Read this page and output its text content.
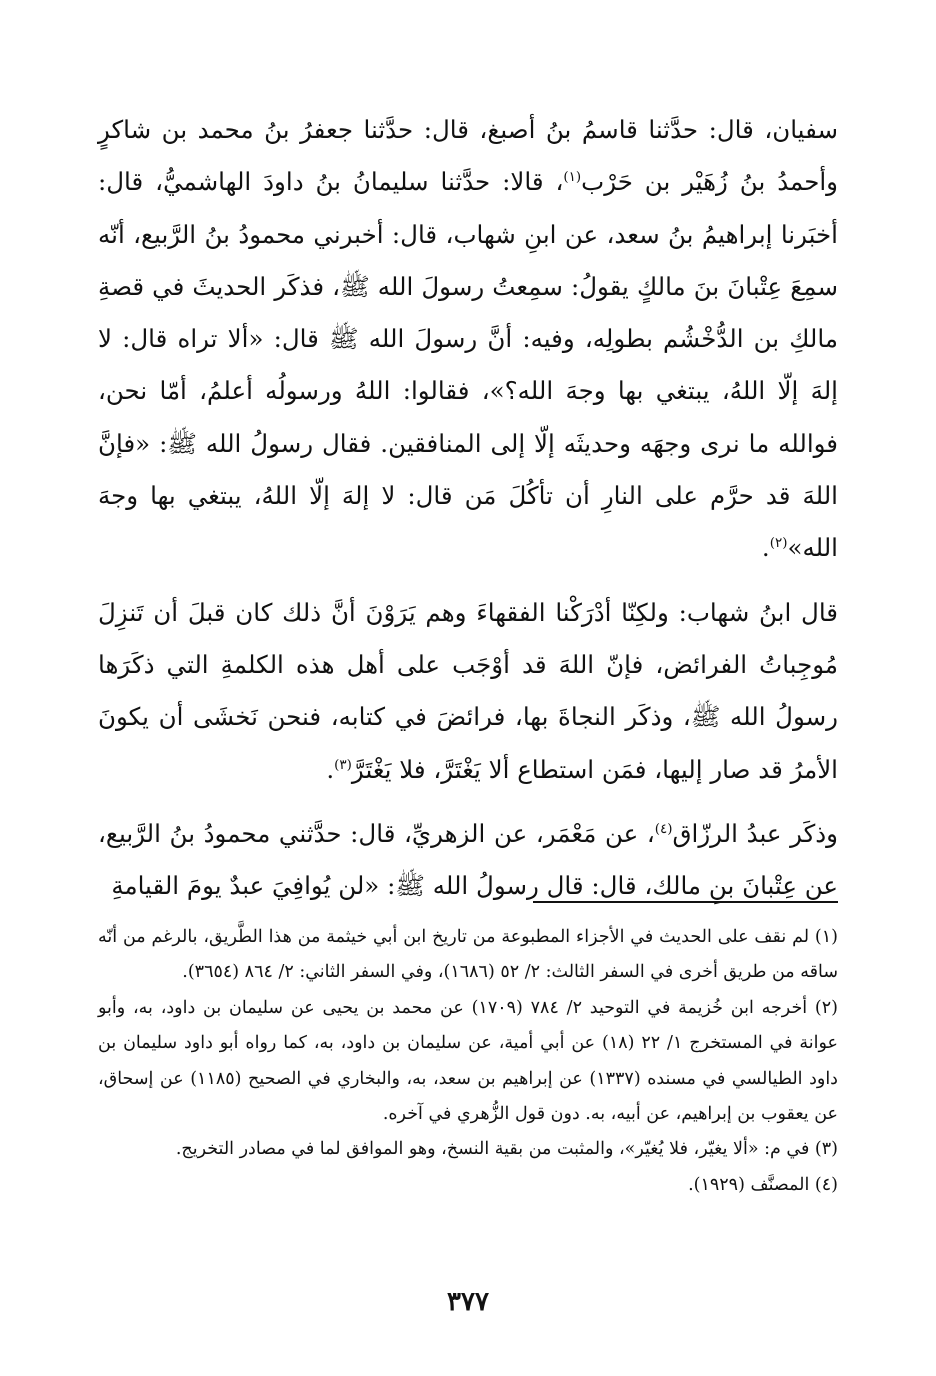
سفيان، قال: حدَّثنا قاسمُ بنُ أصبغ، قال: حدَّثنا جعفرُ بنُ محمد بن شاكرٍ وأحمدُ بنُ زُهَيْر بن حَرْب$^{(١)}$، قالا: حدَّثنا سليمانُ بنُ داودَ الهاشميُّ، قال: أخبَرنا إبراهيمُ بنُ سعد، عن ابنِ شهاب، قال: أخبرني محمودُ بنُ الرَّبيع، أنّه سمِعَ عِتْبانَ بنَ مالكٍ يقولُ: سمِعتُ رسولَ الله ﷺ، فذكَر الحديثَ في قصةِ مالكِ بن الدُّخْشُم بطولِه، وفيه: أنَّ رسولَ الله ﷺ قال: «ألا تراه قال: لا إلهَ إلّا اللهُ، يبتغي بها وجهَ الله؟»، فقالوا: اللهُ ورسولُه أعلمُ، أمّا نحن، فوالله ما نرى وجهَه وحديثَه إلّا إلى المنافقين. فقال رسولُ الله ﷺ: «فإنَّ اللهَ قد حرَّم على النارِ أن تأكُلَ مَن قال: لا إلهَ إلّا اللهُ، يبتغي بها وجهَ الله»$^{(٢)}$.

قال ابنُ شهاب: ولكِنّا أدْرَكْنا الفقهاءَ وهم يَرَوْنَ أنَّ ذلك كان قبلَ أن تَنزِلَ مُوجِباتُ الفرائض، فإنّ اللهَ قد أوْجَب على أهل هذه الكلمةِ التي ذكَرَها رسولُ الله ﷺ، وذكَر النجاةَ بها، فرائضَ في كتابه، فنحن نَخشَى أن يكونَ الأمرُ قد صار إليها، فمَن استطاع ألا يَغْتَرَّ، فلا يَغْتَرَّ$^{(٣)}$.

وذكَر عبدُ الرزّاق$^{(٤)}$، عن مَعْمَر، عن الزهريِّ، قال: حدَّثني محمودُ بنُ الرَّبيع، عن عِتْبانَ بنِ مالك، قال: قال رسولُ الله ﷺ: «لن يُوافِيَ عبدٌ يومَ القيامةِ

(١) لم نقف على الحديث في الأجزاء المطبوعة من تاريخ ابن أبي خيثمة من هذا الطَّريق، بالرغم من أنّه ساقه من طريق أخرى في السفر الثالث: ٢/ ٥٢ (١٦٨٦)، وفي السفر الثاني: ٢/ ٨٦٤ (٣٦٥٤).

(٢) أخرجه ابن خُزيمة في التوحيد ٢/ ٧٨٤ (١٧٠٩) عن محمد بن يحيى عن سليمان بن داود، به، وأبو عوانة في المستخرج ١/ ٢٢ (١٨) عن أبي أمية، عن سليمان بن داود، به، كما رواه أبو داود سليمان بن داود الطيالسي في مسنده (١٣٣٧) عن إبراهيم بن سعد، به، والبخاري في الصحيح (١١٨٥) عن إسحاق، عن يعقوب بن إبراهيم، عن أبيه، به. دون قول الزُّهري في آخره.

(٣) في م: «ألا يغيّر، فلا يُغيّر»، والمثبت من بقية النسخ، وهو الموافق لما في مصادر التخريج.

(٤) المصنَّف (١٩٢٩).

٣٧٧
